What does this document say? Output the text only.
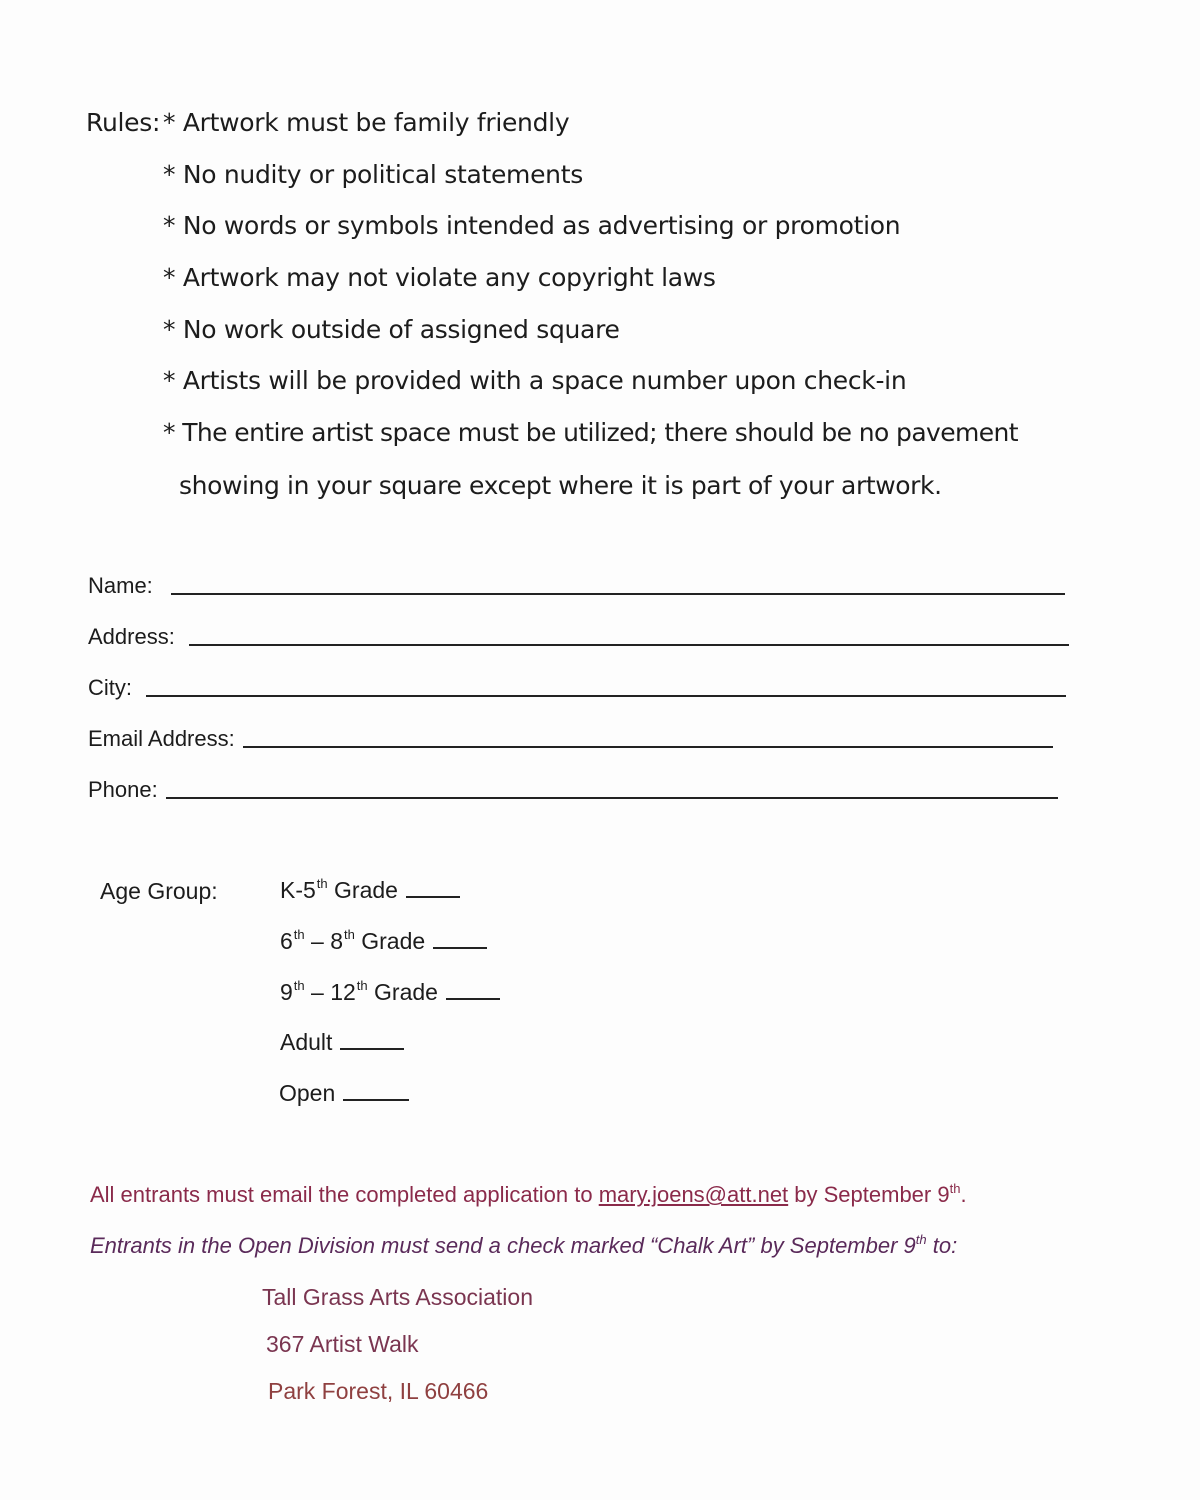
Rules: * Artwork must be family friendly
* No nudity or political statements
* No words or symbols intended as advertising or promotion
* Artwork may not violate any copyright laws
* No work outside of assigned square
* Artists will be provided with a space number upon check-in
* The entire artist space must be utilized; there should be no pavement
showing in your square except where it is part of your artwork.
Name:
Address:
City:
Email Address:
Phone:
Age Group:	K-5th Grade
6th – 8th Grade
9th – 12th Grade
Adult
Open
All entrants must email the completed application to mary.joens@att.net by September 9th.
Entrants in the Open Division must send a check marked “Chalk Art” by September 9th to:
Tall Grass Arts Association
367 Artist Walk
Park Forest, IL 60466
